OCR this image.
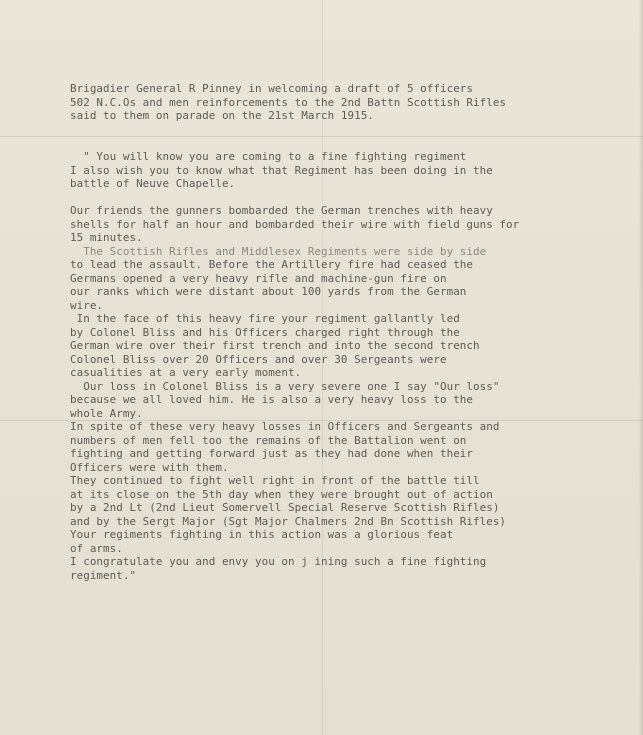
Brigadier General R Pinney in welcoming a draft of 5 officers
502 N.C.Os and men reinforcements to the 2nd Battn Scottish Rifles
said to them on parade on the 21st March 1915.
" You will know you are coming to a fine fighting regiment
I also wish you to know what that Regiment has been doing in the
battle of Neuve Chapelle.
Our friends the gunners bombarded the German trenches with heavy
shells for half an hour and bombarded their wire with field guns for
15 minutes.
The Scottish Rifles and Middlesex Regiments were side by side
to lead the assault. Before the Artillery fire had ceased the
Germans opened a very heavy rifle and machine-gun fire on
our ranks which were distant about 100 yards from the German
wire.
In the face of this heavy fire your regiment gallantly led
by Colonel Bliss and his Officers charged right through the
German wire over their first trench and into the second trench
Colonel Bliss over 20 Officers and over 30 Sergeants were
casualities at a very early moment.
Our loss in Colonel Bliss is a very severe one I say "Our loss"
because we all loved him. He is also a very heavy loss to the
whole Army.
In spite of these very heavy losses in Officers and Sergeants and
numbers of men fell too the remains of the Battalion went on
fighting and getting forward just as they had done when their
Officers were with them.
They continued to fight well right in front of the battle till
at its close on the 5th day when they were brought out of action
by a 2nd Lt (2nd Lieut Somervell Special Reserve Scottish Rifles)
and by the Sergt Major (Sgt Major Chalmers 2nd Bn Scottish Rifles)
Your regiments fighting in this action was a glorious feat
of arms.
I congratulate you and envy you on j ining such a fine fighting
regiment."
